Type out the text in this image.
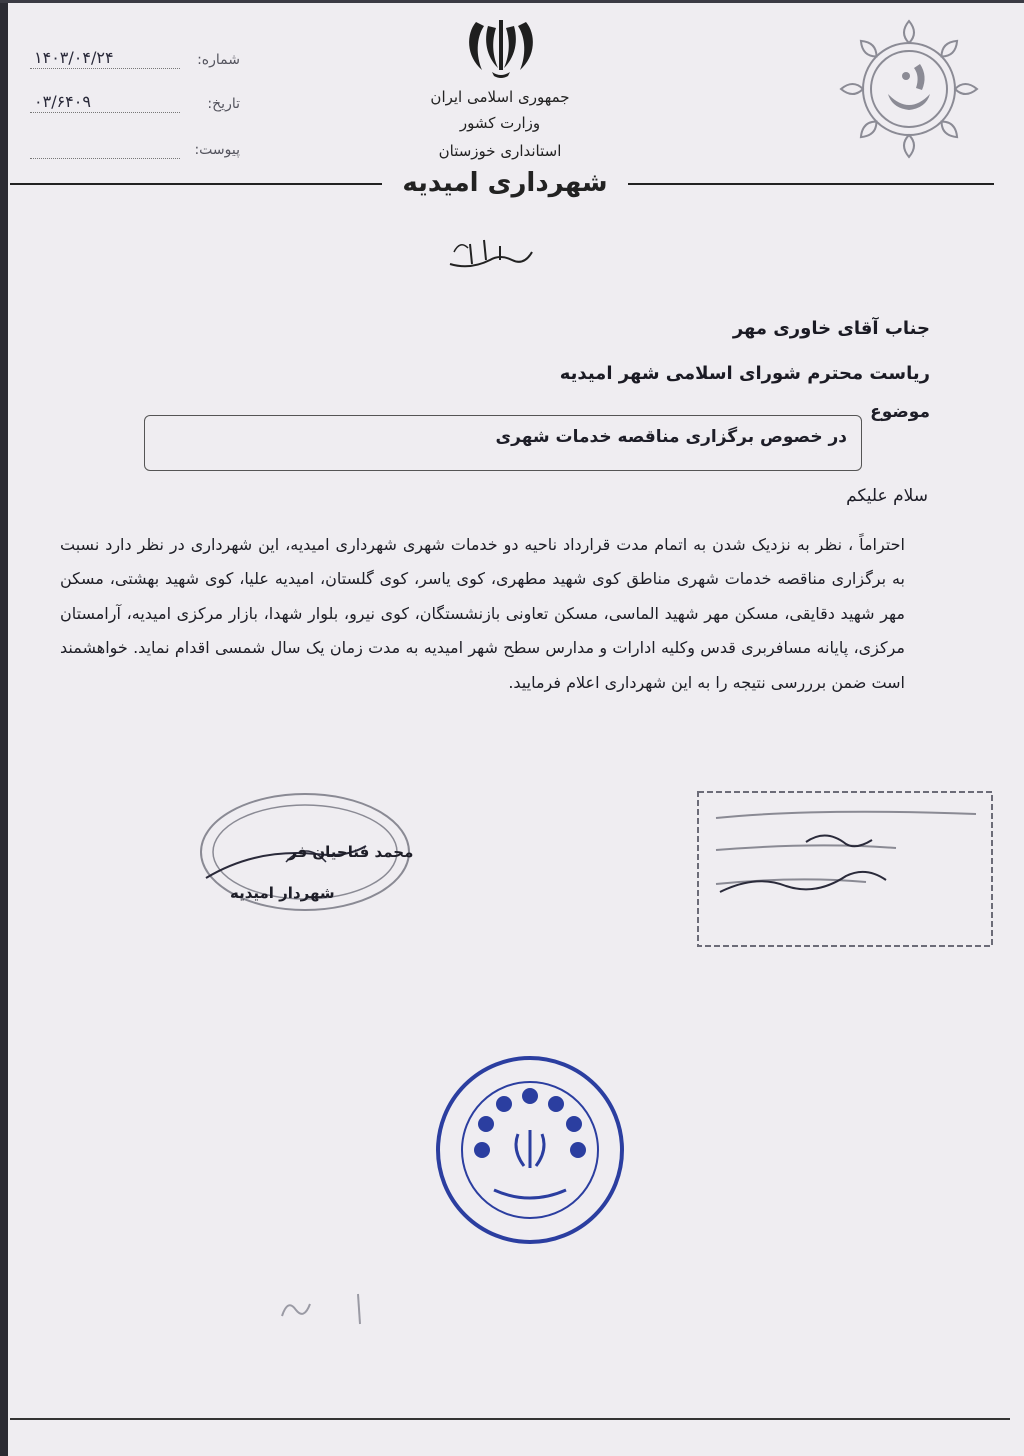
شماره:
۱۴۰۳/۰۴/۲۴
تاریخ:
۰۳/۶۴۰۹
پیوست:
جمهوری اسلامی ایران
وزارت کشور
استانداری خوزستان
شهرداری امیدیه
جناب آقای خاوری مهر
ریاست محترم شورای اسلامی شهر امیدیه
موضوع
در خصوص برگزاری مناقصه خدمات شهری
سلام علیکم
احتراماً ، نظر به نزدیک شدن به اتمام مدت قرارداد ناحیه دو خدمات شهری شهرداری امیدیه، این شهرداری در نظر دارد نسبت به برگزاری مناقصه خدمات شهری مناطق کوی شهید مطهری، کوی یاسر، کوی گلستان، امیدیه علیا، کوی شهید بهشتی، مسکن مهر شهید دقایقی، مسکن مهر شهید الماسی، مسکن تعاونی بازنشستگان، کوی نیرو، بلوار شهدا، بازار مرکزی امیدیه، آرامستان مرکزی، پایانه مسافربری قدس وکلیه ادارات و مدارس سطح شهر امیدیه به مدت زمان یک سال شمسی اقدام نماید. خواهشمند است ضمن برررسی نتیجه را به این شهرداری اعلام فرمایید.
محمد فتاحیان فر
شهردار امیدیه
